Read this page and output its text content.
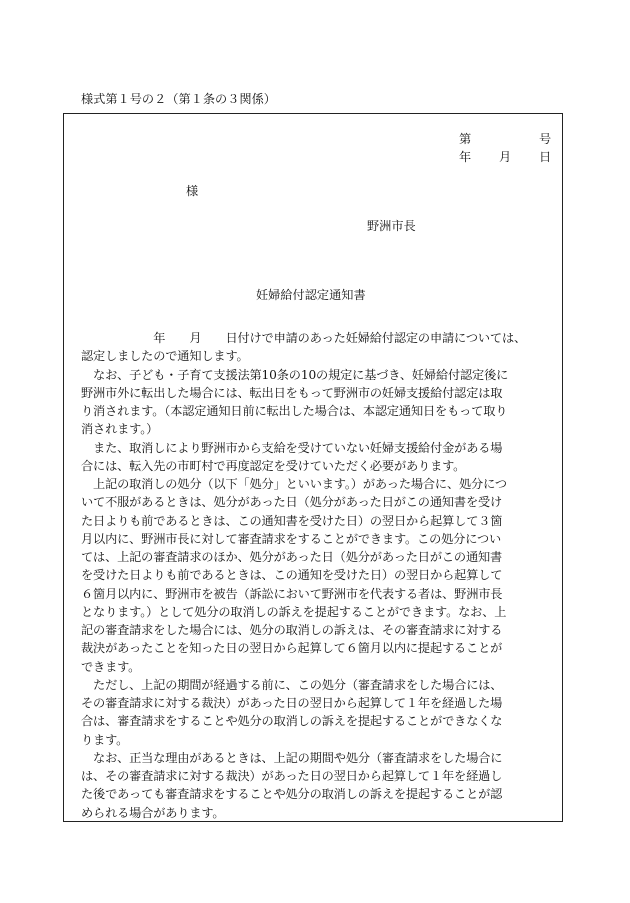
様式第１号の２（第１条の３関係）
第	号
年 月 日
様
野洲市長
妊婦給付認定通知書
　　　　　　年　　月　　日付けで申請のあった妊婦給付認定の申請については、
認定しましたので通知します。
　なお、子ども・子育て支援法第10条の10の規定に基づき、妊婦給付認定後に
野洲市外に転出した場合には、転出日をもって野洲市の妊婦支援給付認定は取
り消されます。（本認定通知日前に転出した場合は、本認定通知日をもって取り
消されます。）
　また、取消しにより野洲市から支給を受けていない妊婦支援給付金がある場
合には、転入先の市町村で再度認定を受けていただく必要があります。
　上記の取消しの処分（以下「処分」といいます。）があった場合に、処分につ
いて不服があるときは、処分があった日（処分があった日がこの通知書を受け
た日よりも前であるときは、この通知書を受けた日）の翌日から起算して３箇
月以内に、野洲市長に対して審査請求をすることができます。この処分につい
ては、上記の審査請求のほか、処分があった日（処分があった日がこの通知書
を受けた日よりも前であるときは、この通知を受けた日）の翌日から起算して
６箇月以内に、野洲市を被告（訴訟において野洲市を代表する者は、野洲市長
となります。）として処分の取消しの訴えを提起することができます。なお、上
記の審査請求をした場合には、処分の取消しの訴えは、その審査請求に対する
裁決があったことを知った日の翌日から起算して６箇月以内に提起することが
できます。
　ただし、上記の期間が経過する前に、この処分（審査請求をした場合には、
その審査請求に対する裁決）があった日の翌日から起算して１年を経過した場
合は、審査請求をすることや処分の取消しの訴えを提起することができなくな
ります。
　なお、正当な理由があるときは、上記の期間や処分（審査請求をした場合に
は、その審査請求に対する裁決）があった日の翌日から起算して１年を経過し
た後であっても審査請求をすることや処分の取消しの訴えを提起することが認
められる場合があります。
